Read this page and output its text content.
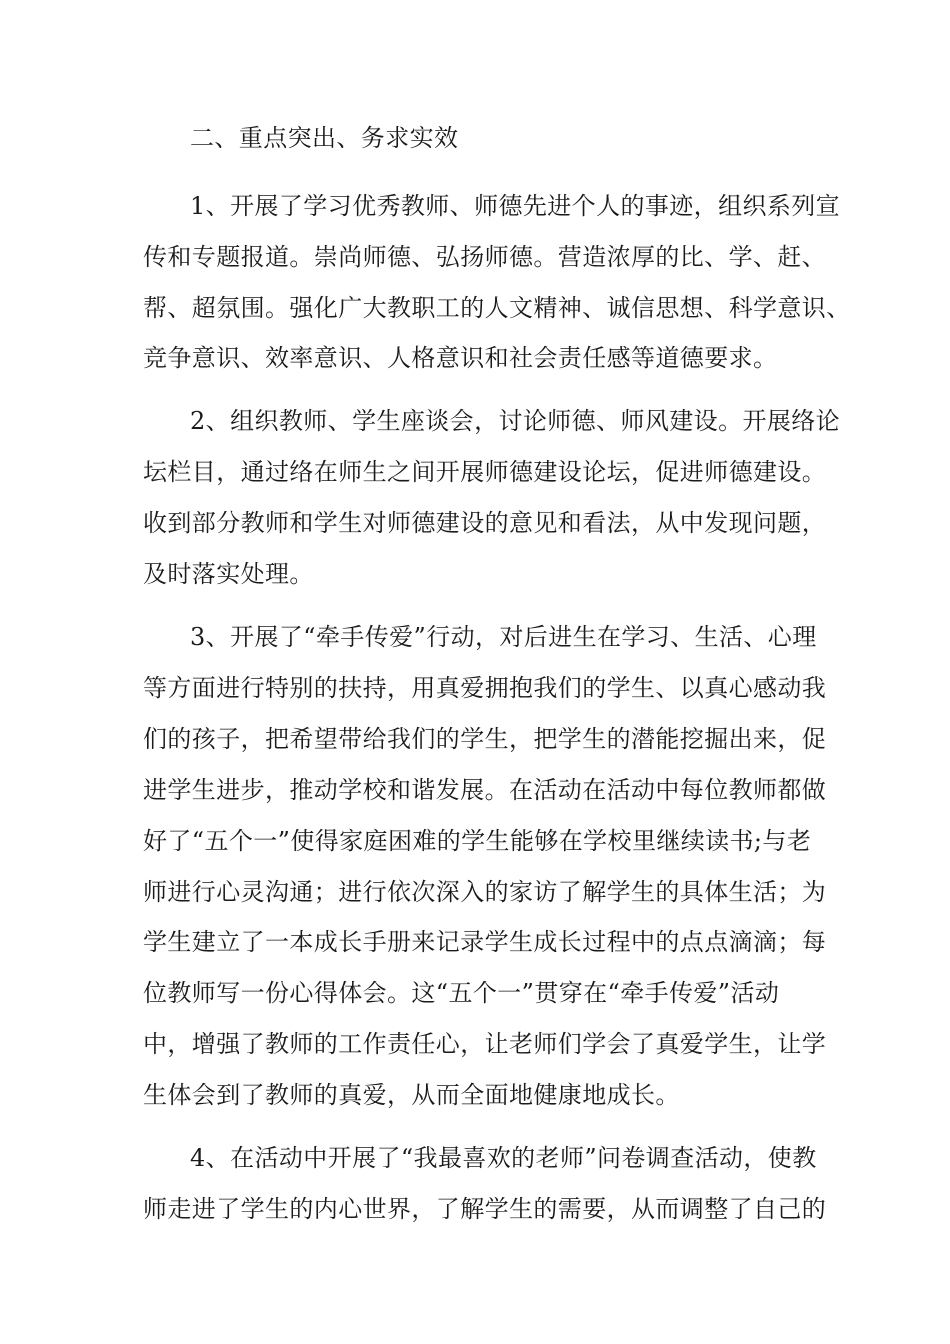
二、重点突出、务求实效
1、开展了学习优秀教师、师德先进个人的事迹，组织系列宣
传和专题报道。崇尚师德、弘扬师德。营造浓厚的比、学、赶、
帮、超氛围。强化广大教职工的人文精神、诚信思想、科学意识、
竞争意识、效率意识、人格意识和社会责任感等道德要求。
2、组织教师、学生座谈会，讨论师德、师风建设。开展络论
坛栏目，通过络在师生之间开展师德建设论坛，促进师德建设。
收到部分教师和学生对师德建设的意见和看法，从中发现问题，
及时落实处理。
3、开展了“牵手传爱”行动，对后进生在学习、生活、心理
等方面进行特别的扶持，用真爱拥抱我们的学生、以真心感动我
们的孩子，把希望带给我们的学生，把学生的潜能挖掘出来，促
进学生进步，推动学校和谐发展。在活动在活动中每位教师都做
好了“五个一”使得家庭困难的学生能够在学校里继续读书;与老
师进行心灵沟通；进行依次深入的家访了解学生的具体生活；为
学生建立了一本成长手册来记录学生成长过程中的点点滴滴；每
位教师写一份心得体会。这“五个一”贯穿在“牵手传爱”活动
中，增强了教师的工作责任心，让老师们学会了真爱学生，让学
生体会到了教师的真爱，从而全面地健康地成长。
4、在活动中开展了“我最喜欢的老师”问卷调查活动，使教
师走进了学生的内心世界，了解学生的需要，从而调整了自己的
